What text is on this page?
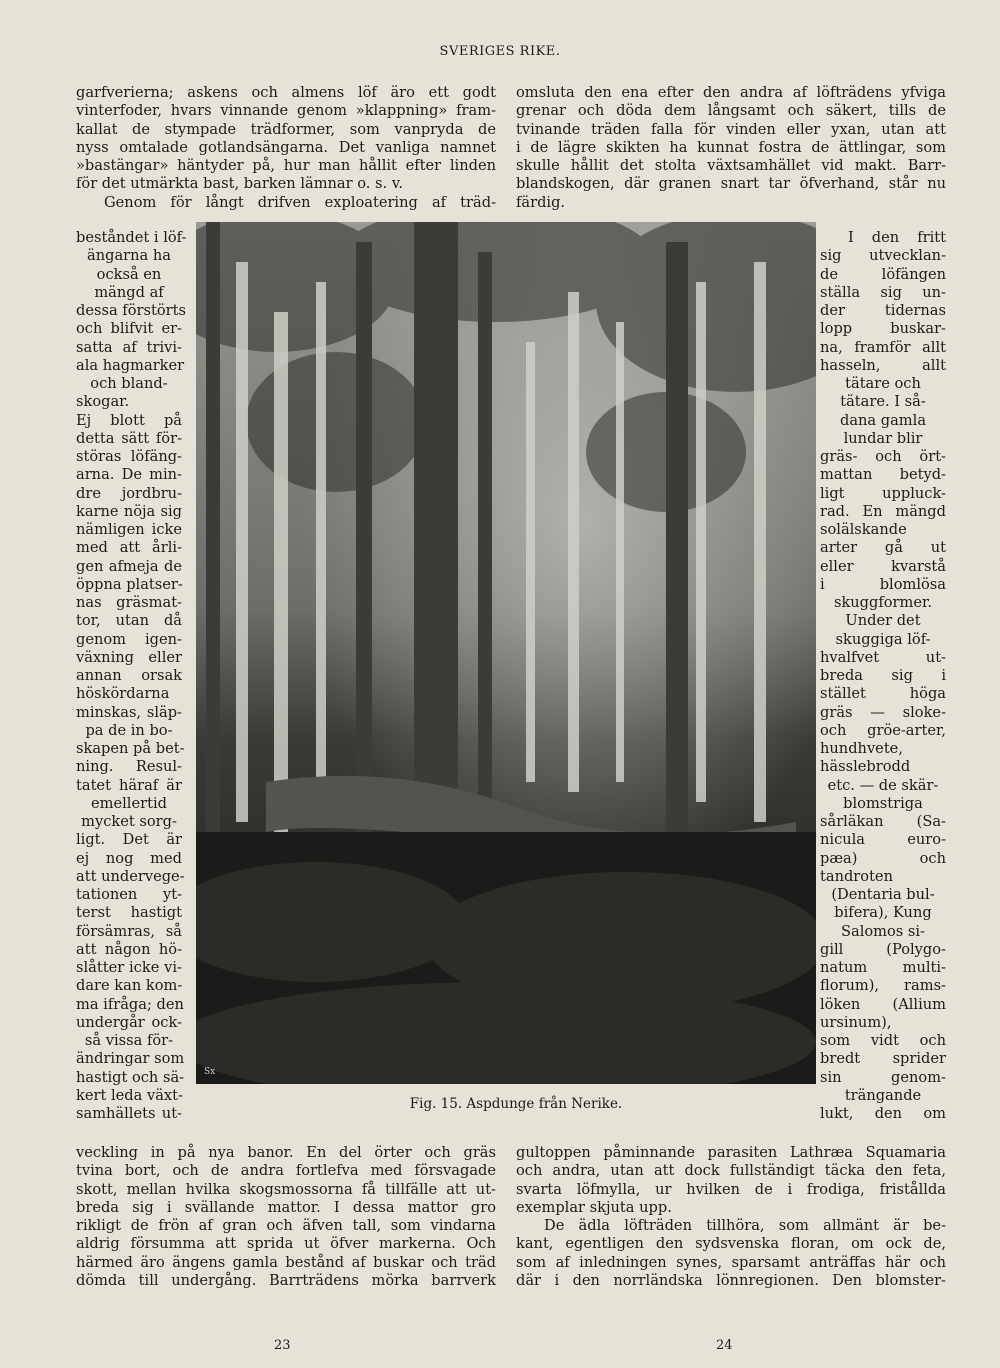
SVERIGES RIKE.
garfverierna; askens och almens löf äro ett godt
vinterfoder, hvars vinnande genom »klappning» fram-
kallat de stympade trädformer, som vanpryda de
nyss omtalade gotlandsängarna. Det vanliga namnet
»bastängar» häntyder på, hur man hållit efter linden
för det utmärkta bast, barken lämnar o. s. v.
Genom för långt drifven exploatering af träd-
omsluta den ena efter den andra af löfträdens yfviga
grenar och döda dem långsamt och säkert, tills de
tvinande träden falla för vinden eller yxan, utan att
i de lägre skikten ha kunnat fostra de ättlingar, som
skulle hållit det stolta växtsamhället vid makt. Barr-
blandskogen, där granen snart tar öfverhand, står nu
färdig.
beståndet i löf-
ängarna ha
också en
mängd af
dessa förstörts
och blifvit er-
satta af trivi-
ala hagmarker
och bland-
skogar.
Ej blott på
detta sätt för-
störas löfäng-
arna. De min-
dre jordbru-
karne nöja sig
nämligen icke
med att årli-
gen afmeja de
öppna platser-
nas gräsmat-
tor, utan då
genom igen-
växning eller
annan orsak
höskördarna
minskas, släp-
pa de in bo-
skapen på bet-
ning. Resul-
tatet häraf är
emellertid
mycket sorg-
ligt. Det är
ej nog med
att undervege-
tationen yt-
terst hastigt
försämras, så
att någon hö-
slåtter icke vi-
dare kan kom-
ma ifråga; den
undergår ock-
så vissa för-
ändringar som
hastigt och sä-
kert leda växt-
samhällets ut-
I den fritt
sig utvecklan-
de löfängen
ställa sig un-
der tidernas
lopp buskar-
na, framför allt
hasseln, allt
tätare och
tätare. I så-
dana gamla
lundar blir
gräs- och ört-
mattan betyd-
ligt uppluck-
rad. En mängd
solälskande
arter gå ut
eller kvarstå
i blomlösa
skuggformer.
Under det
skuggiga löf-
hvalfvet ut-
breda sig i
stället höga
gräs — sloke-
och gröe-arter,
hundhvete,
hässlebrodd
etc. — de skär-
blomstriga
sårläkan (Sa-
nicula euro-
pæa) och
tandroten
(Dentaria bul-
bifera), Kung
Salomos si-
gill (Polygo-
natum multi-
florum), rams-
löken (Allium
ursinum),
som vidt och
bredt sprider
sin genom-
trängande
lukt, den om
veckling in på nya banor. En del örter och gräs
tvina bort, och de andra fortlefva med försvagade
skott, mellan hvilka skogsmossorna få tillfälle att ut-
breda sig i svällande mattor. I dessa mattor gro
rikligt de frön af gran och äfven tall, som vindarna
aldrig försumma att sprida ut öfver markerna. Och
härmed äro ängens gamla bestånd af buskar och träd
dömda till undergång. Barrträdens mörka barrverk
gultoppen påminnande parasiten Lathræa Squamaria
och andra, utan att dock fullständigt täcka den feta,
svarta löfmylla, ur hvilken de i frodiga, fristållda
exemplar skjuta upp.
De ädla löfträden tillhöra, som allmänt är be-
kant, egentligen den sydsvenska floran, om ock de,
som af inledningen synes, sparsamt anträffas här och
där i den norrländska lönnregionen. Den blomster-
Sx
Fig. 15. Aspdunge från Nerike.
23	24
